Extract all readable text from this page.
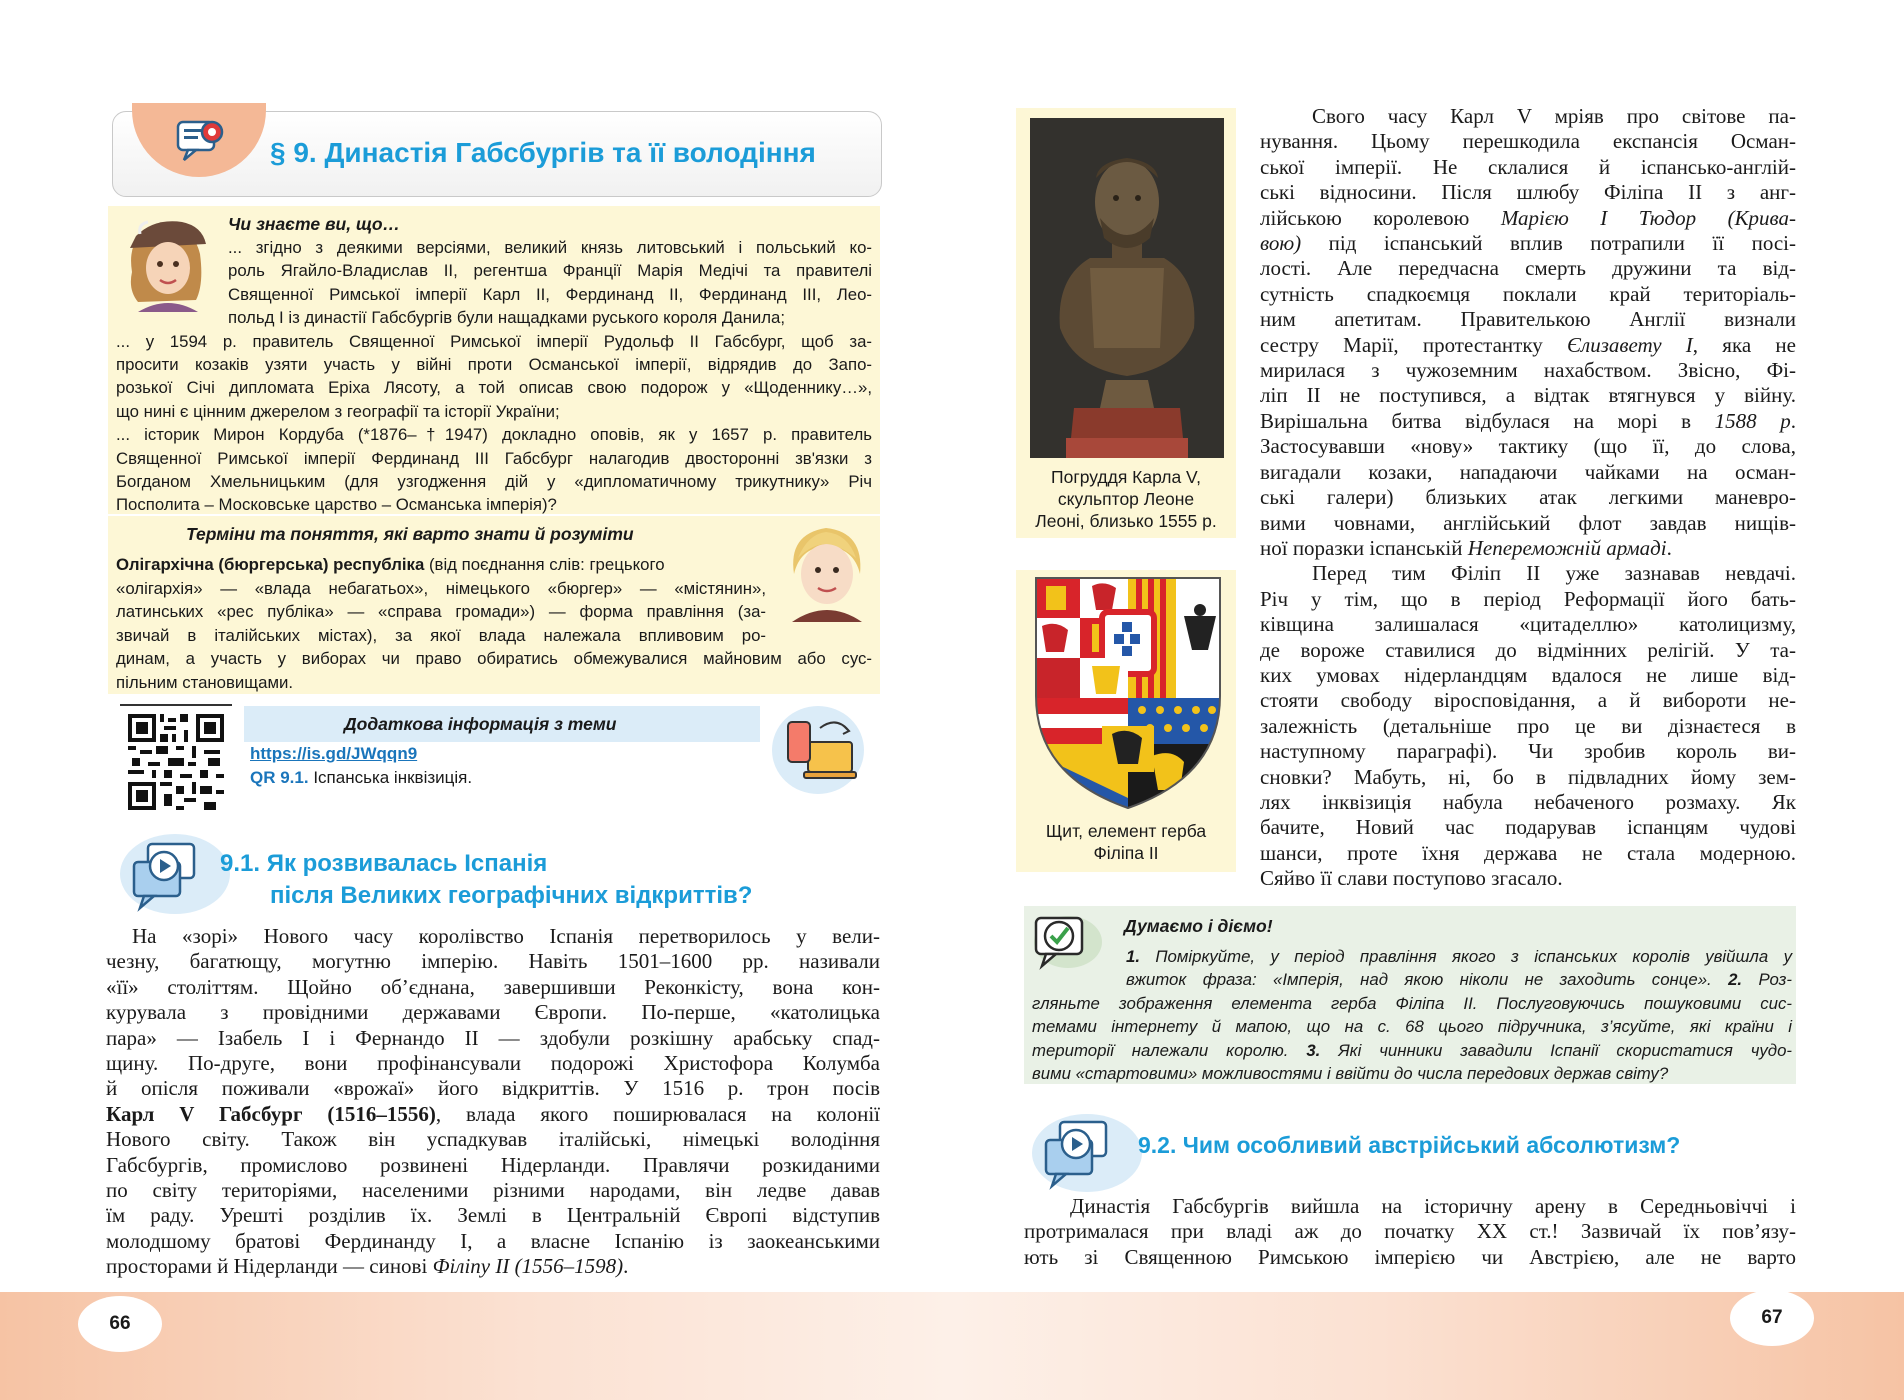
66
§ 9. Династія Габсбургів та її володіння
Чи знаєте ви, що…
... згідно з деякими версіями, великий князь литовський і польський ко-
роль Ягайло-Владислав ІІ, регентша Франції Марія Медічі та правителі
Священної Римської імперії Карл ІІ, Фердинанд ІІ, Фердинанд ІІІ, Лео-
польд І із династії Габсбургів були нащадками руського короля Данила;
... у 1594 р. правитель Священної Римської імперії Рудольф ІІ Габсбург, щоб за-
просити козаків узяти участь у війні проти Османської імперії, відрядив до Запо-
розької Січі дипломата Еріха Лясоту, а той описав свою подорож у «Щоденнику…»,
що нині є цінним джерелом з географії та історії України;
... історик Мирон Кордуба (*1876–†1947) докладно оповів, як у 1657 р. правитель
Священної Римської імперії Фердинанд ІІІ Габсбург налагодив двосторонні зв'язки з
Богданом Хмельницьким (для узгодження дій у «дипломатичному трикутнику» Річ
Посполита – Московське царство – Османська імперія)?
Терміни та поняття, які варто знати й розуміти
Олігархічна (бюргерська) республіка (від поєднання слів: грецького
«олігархія» — «влада небагатьох», німецького «бюргер» — «містянин»,
латинських «рес публіка» — «справа громади») — форма правління (за-
звичай в італійських містах), за якої влада належала впливовим ро-
динам, а участь у виборах чи право обиратись обмежувалися майновим або сус-
пільним становищами.
Додаткова інформація з теми
https://is.gd/JWqqn9
QR 9.1. Іспанська інквізиція.
9.1. Як розвивалась Іспанія
після Великих географічних відкриттів?
На «зорі» Нового часу королівство Іспанія перетворилось у вели-
чезну, багатющу, могутню імперію. Навіть 1501–1600 рр. називали
«її» століттям. Щойно об’єднана, завершивши Реконкісту, вона кон-
курувала з провідними державами Європи. По-перше, «католицька
пара» — Ізабель І і Фернандо ІІ — здобули розкішну арабську спад-
щину. По-друге, вони профінансували подорожі Христофора Колумба
й опісля поживали «врожаї» його відкриттів. У 1516 р. трон посів
Карл V Габсбург (1516–1556), влада якого поширювалася на колонії
Нового світу. Також він успадкував італійські, німецькі володіння
Габсбургів, промислово розвинені Нідерланди. Правлячи розкиданими
по світу територіями, населеними різними народами, він ледве давав
їм раду. Урешті розділив їх. Землі в Центральній Європі відступив
молодшому братові Фердинанду І, а власне Іспанію із заокеанськими
просторами й Нідерланди — синові Філіпу ІІ (1556–1598).
67
Погруддя Карла V,
скульптор Леоне
Леоні, близько 1555 р.
Щит, елемент герба
Філіпа ІІ
Свого часу Карл V мріяв про світове па-
нування. Цьому перешкодила експансія Осман-
ської імперії. Не склалися й іспансько-англій-
ські відносини. Після шлюбу Філіпа ІІ з анг-
лійською королевою Марією І Тюдор (Крива-
вою) під іспанський вплив потрапили її посі-
лості. Але передчасна смерть дружини та від-
сутність спадкоємця поклали край територіаль-
ним апетитам. Правителькою Англії визнали
сестру Марії, протестантку Єлизавету І, яка не
мирилася з чужоземним нахабством. Звісно, Фі-
ліп ІІ не поступився, а відтак втягнувся у війну.
Вирішальна битва відбулася на морі в 1588 р.
Застосувавши «нову» тактику (що її, до слова,
вигадали козаки, нападаючи чайками на осман-
ські галери) близьких атак легкими маневро-
вими човнами, англійський флот завдав нищів-
ної поразки іспанській Непереможній армаді.
Перед тим Філіп ІІ уже зазнавав невдачі.
Річ у тім, що в період Реформації його бать-
ківщина залишалася «цитаделлю» католицизму,
де вороже ставилися до відмінних релігій. У та-
ких умовах нідерландцям вдалося не лише від-
стояти свободу віросповідання, а й вибороти не-
залежність (детальніше про це ви дізнаєтеся в
наступному параграфі). Чи зробив король ви-
сновки? Мабуть, ні, бо в підвладних йому зем-
лях інквізиція набула небаченого розмаху. Як
бачите, Новий час подарував іспанцям чудові
шанси, проте їхня держава не стала модерною.
Сяйво її слави поступово згасало.
Думаємо і діємо!
1. Поміркуйте, у період правління якого з іспанських королів увійшла у
вжиток фраза: «Імперія, над якою ніколи не заходить сонце». 2. Роз-
гляньте зображення елемента герба Філіпа ІІ. Послуговуючись пошуковими сис-
темами інтернету й мапою, що на с. 68 цього підручника, з’ясуйте, які країни і
території належали королю. 3. Які чинники завадили Іспанії скористатися чудо-
вими «стартовими» можливостями і ввійти до числа передових держав світу?
9.2. Чим особливий австрійський абсолютизм?
Династія Габсбургів вийшла на історичну арену в Середньовіччі і
протрималася при владі аж до початку ХХ ст.! Зазвичай їх пов’язу-
ють зі Священною Римською імперією чи Австрією, але не варто
